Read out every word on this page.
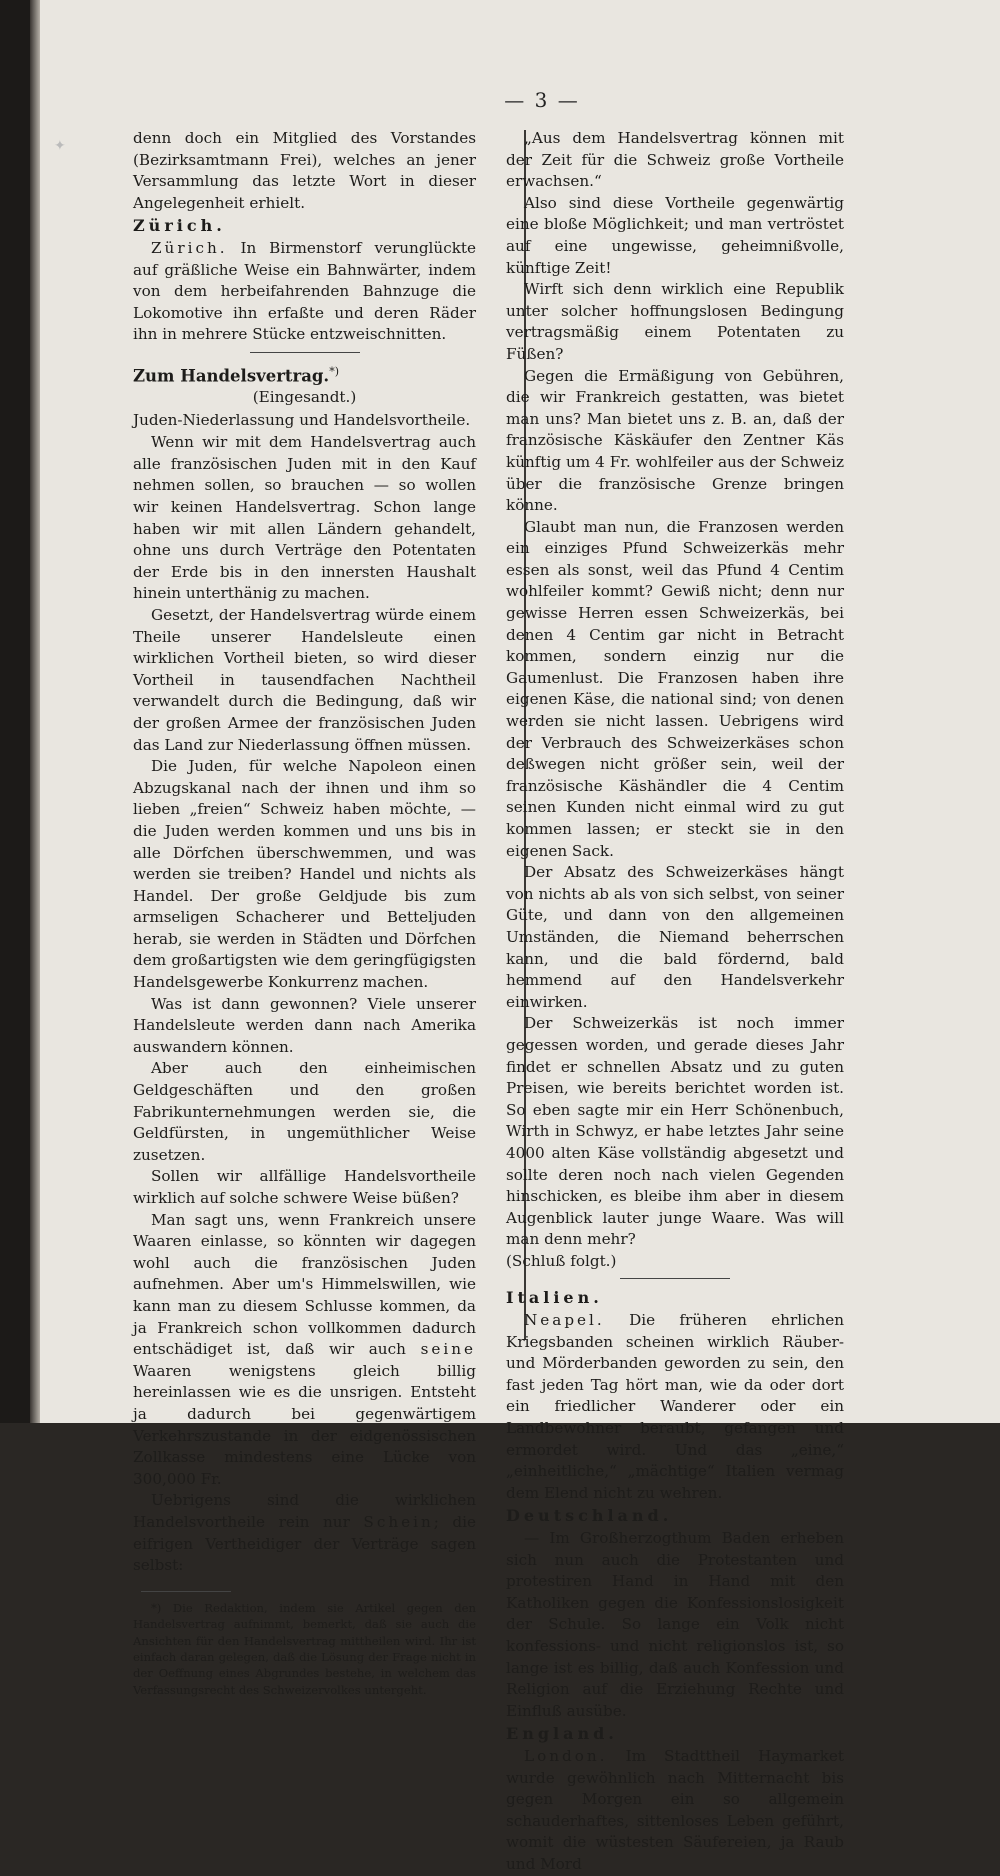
✦
— 3 —

denn doch ein Mitglied des Vorstandes (Bezirksamtmann Frei), welches an jener Versammlung das letzte Wort in dieser Angelegenheit erhielt.

Zürich.

Zürich. In Birmenstorf verunglückte auf gräßliche Weise ein Bahnwärter, indem von dem herbeifahrenden Bahnzuge die Lokomotive ihn erfaßte und deren Räder ihn in mehrere Stücke entzweischnitten.

Zum Handelsvertrag.*)

(Eingesandt.)

Juden-Niederlassung und Handelsvortheile.

Wenn wir mit dem Handelsvertrag auch alle französischen Juden mit in den Kauf nehmen sollen, so brauchen — so wollen wir keinen Handelsvertrag. Schon lange haben wir mit allen Ländern gehandelt, ohne uns durch Verträge den Potentaten der Erde bis in den innersten Haushalt hinein unterthänig zu machen.

Gesetzt, der Handelsvertrag würde einem Theile unserer Handelsleute einen wirklichen Vortheil bieten, so wird dieser Vortheil in tausendfachen Nachtheil verwandelt durch die Bedingung, daß wir der großen Armee der französischen Juden das Land zur Niederlassung öffnen müssen.

Die Juden, für welche Napoleon einen Abzugskanal nach der ihnen und ihm so lieben „freien“ Schweiz haben möchte, — die Juden werden kommen und uns bis in alle Dörfchen überschwemmen, und was werden sie treiben? Handel und nichts als Handel. Der große Geldjude bis zum armseligen Schacherer und Betteljuden herab, sie werden in Städten und Dörfchen dem großartigsten wie dem geringfügigsten Handelsgewerbe Konkurrenz machen.

Was ist dann gewonnen? Viele unserer Handelsleute werden dann nach Amerika auswandern können.

Aber auch den einheimischen Geldgeschäften und den großen Fabrikunternehmungen werden sie, die Geldfürsten, in ungemüthlicher Weise zusetzen.

Sollen wir allfällige Handelsvortheile wirklich auf solche schwere Weise büßen?

Man sagt uns, wenn Frankreich unsere Waaren einlasse, so könnten wir dagegen wohl auch die französischen Juden aufnehmen. Aber um's Himmelswillen, wie kann man zu diesem Schlusse kommen, da ja Frankreich schon vollkommen dadurch entschädiget ist, daß wir auch seine Waaren wenigstens gleich billig hereinlassen wie es die unsrigen. Entsteht ja dadurch bei gegenwärtigem Verkehrszustande in der eidgenössischen Zollkasse mindestens eine Lücke von 300,000 Fr.

Uebrigens sind die wirklichen Handelsvortheile rein nur Schein; die eifrigen Vertheidiger der Verträge sagen selbst:

*) Die Redaktion, indem sie Artikel gegen den Handelsvertrag aufnimmt, bemerkt, daß sie auch die Ansichten für den Handelsvertrag mittheilen wird. Ihr ist einfach daran gelegen, daß die Lösung der Frage nicht in der Oeffnung eines Abgrundes bestehe, in welchem das Verfassungsrecht des Schweizervolkes untergeht.

„Aus dem Handelsvertrag können mit der Zeit für die Schweiz große Vortheile erwachsen.“

Also sind diese Vortheile gegenwärtig eine bloße Möglichkeit; und man vertröstet auf eine ungewisse, geheimnißvolle, künftige Zeit!

Wirft sich denn wirklich eine Republik unter solcher hoffnungslosen Bedingung vertragsmäßig einem Potentaten zu Füßen?

Gegen die Ermäßigung von Gebühren, die wir Frankreich gestatten, was bietet man uns? Man bietet uns z. B. an, daß der französische Käskäufer den Zentner Käs künftig um 4 Fr. wohlfeiler aus der Schweiz über die französische Grenze bringen könne.

Glaubt man nun, die Franzosen werden ein einziges Pfund Schweizerkäs mehr essen als sonst, weil das Pfund 4 Centim wohlfeiler kommt? Gewiß nicht; denn nur gewisse Herren essen Schweizerkäs, bei denen 4 Centim gar nicht in Betracht kommen, sondern einzig nur die Gaumenlust. Die Franzosen haben ihre eigenen Käse, die national sind; von denen werden sie nicht lassen. Uebrigens wird der Verbrauch des Schweizerkäses schon deßwegen nicht größer sein, weil der französische Käshändler die 4 Centim seinen Kunden nicht einmal wird zu gut kommen lassen; er steckt sie in den eigenen Sack.

Der Absatz des Schweizerkäses hängt von nichts ab als von sich selbst, von seiner Güte, und dann von den allgemeinen Umständen, die Niemand beherrschen kann, und die bald fördernd, bald hemmend auf den Handelsverkehr einwirken.

Der Schweizerkäs ist noch immer gegessen worden, und gerade dieses Jahr findet er schnellen Absatz und zu guten Preisen, wie bereits berichtet worden ist. So eben sagte mir ein Herr Schönenbuch, Wirth in Schwyz, er habe letztes Jahr seine 4000 alten Käse vollständig abgesetzt und sollte deren noch nach vielen Gegenden hinschicken, es bleibe ihm aber in diesem Augenblick lauter junge Waare. Was will man denn mehr?

(Schluß folgt.)

Italien.

Neapel. Die früheren ehrlichen Kriegsbanden scheinen wirklich Räuber- und Mörderbanden geworden zu sein, den fast jeden Tag hört man, wie da oder dort ein friedlicher Wanderer oder ein Landbewohner beraubt, gefangen und ermordet wird. Und das „eine,“ „einheitliche,“ „mächtige“ Italien vermag dem Elend nicht zu wehren.

Deutschland.

— Im Großherzogthum Baden erheben sich nun auch die Protestanten und protestiren Hand in Hand mit den Katholiken gegen die Konfessionslosigkeit der Schule. So lange ein Volk nicht konfessions- und nicht religionslos ist, so lange ist es billig, daß auch Konfession und Religion auf die Erziehung Rechte und Einfluß ausübe.

England.

London. Im Stadttheil Haymarket wurde gewöhnlich nach Mitternacht bis gegen Morgen ein so allgemein schauderhaftes, sittenloses Leben geführt, womit die wüstesten Säufereien, ja Raub und Mord
